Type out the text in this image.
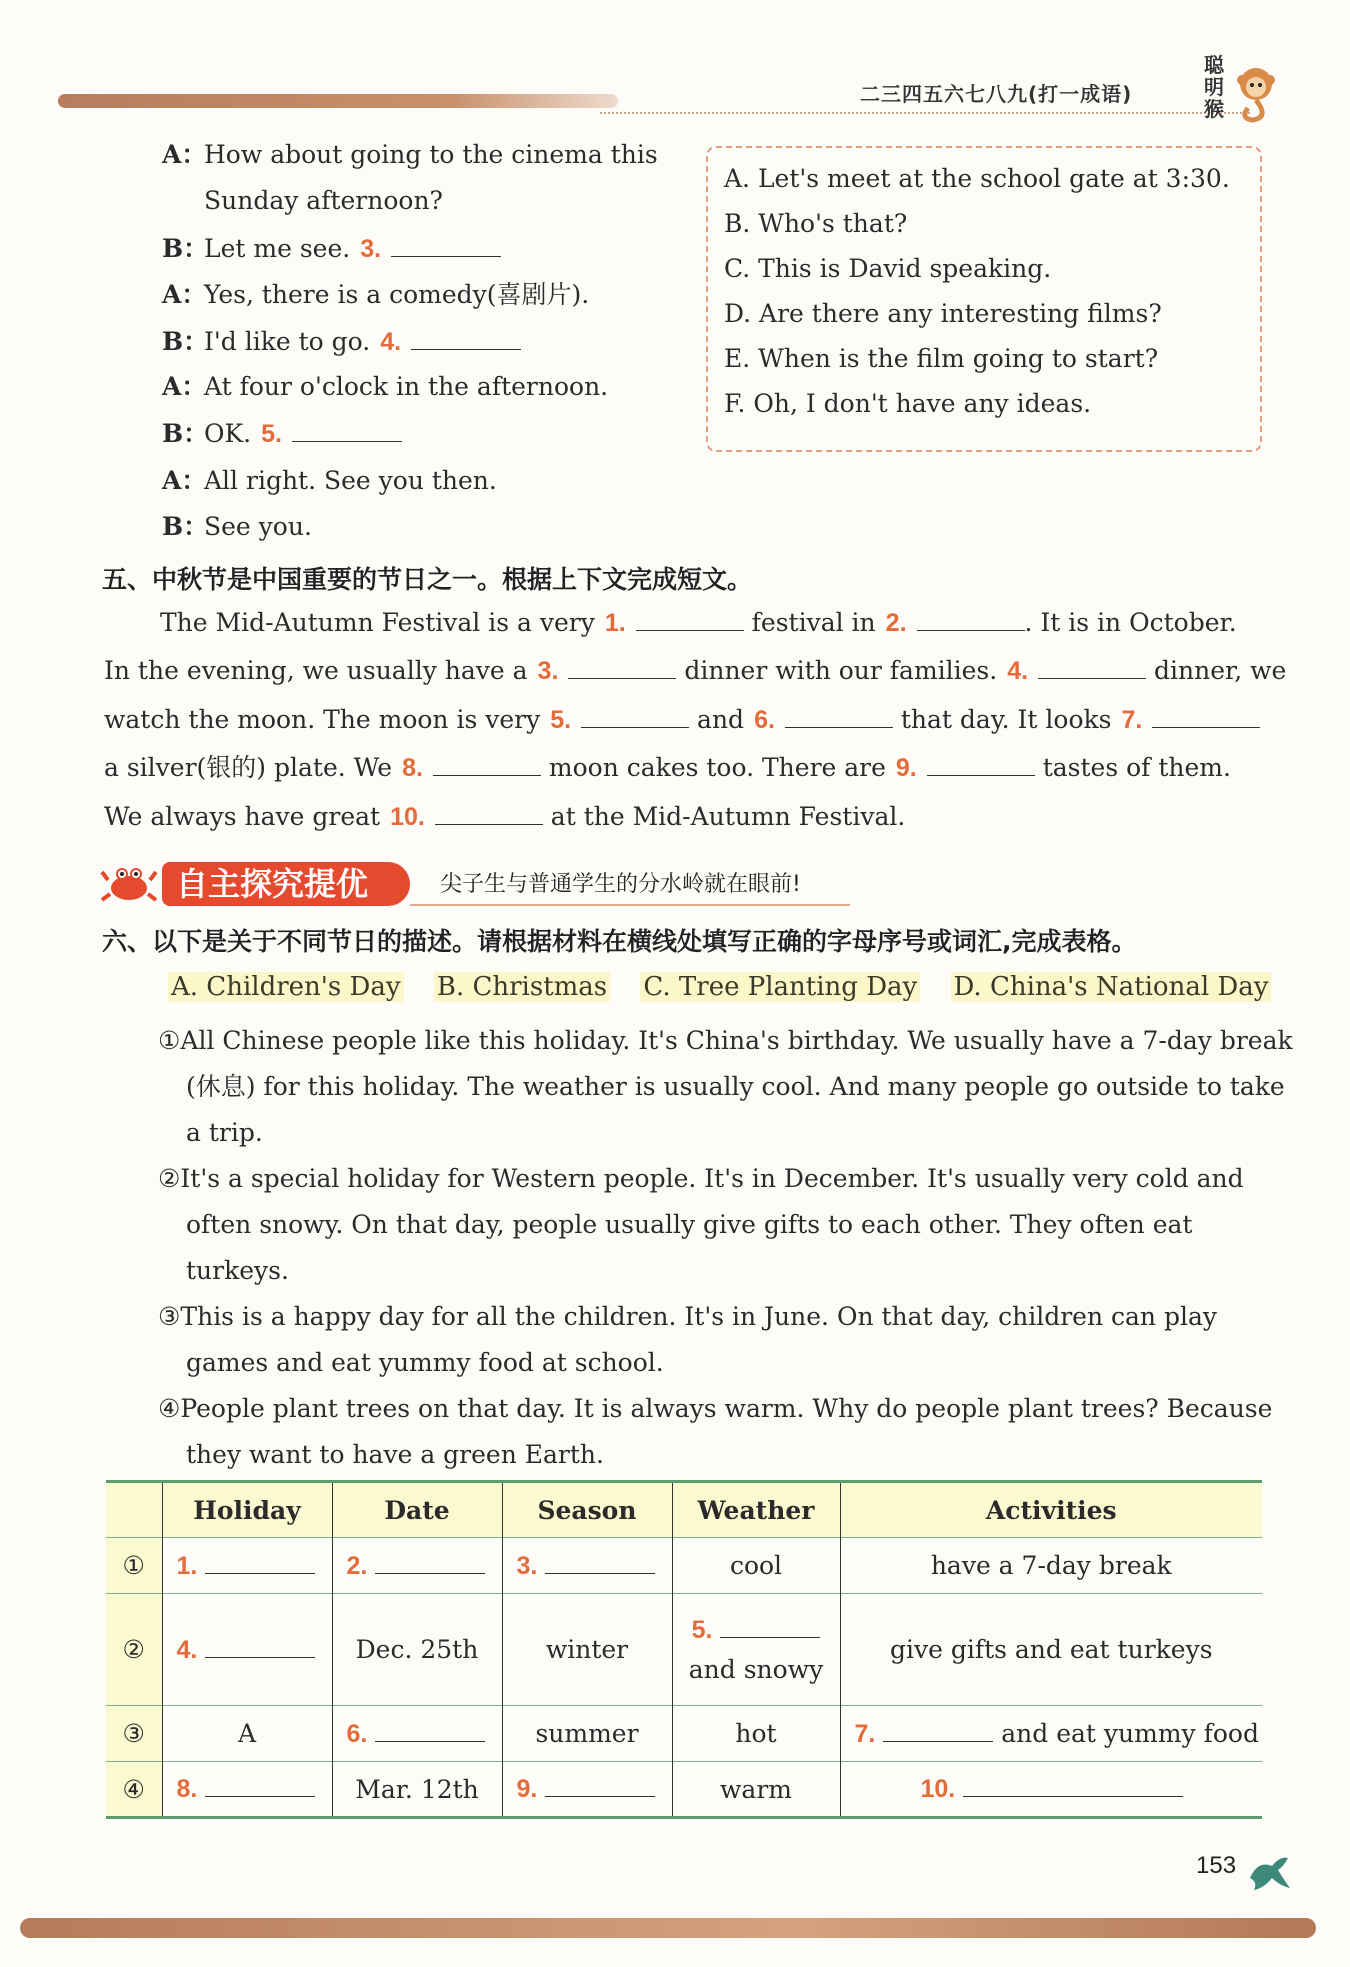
二三四五六七八九(打一成语)
聪明猴
A：How about going to the cinema this
Sunday afternoon?
B：Let me see. 3.
A：Yes, there is a comedy(喜剧片).
B：I'd like to go. 4.
A：At four o'clock in the afternoon.
B：OK. 5.
A：All right. See you then.
B：See you.
A. Let's meet at the school gate at 3:30.
B. Who's that?
C. This is David speaking.
D. Are there any interesting films?
E. When is the film going to start?
F. Oh, I don't have any ideas.
五、中秋节是中国重要的节日之一。根据上下文完成短文。
The Mid-Autumn Festival is a very 1.	festival in 2.	. It is in October.
In the evening, we usually have a 3.	dinner with our families. 4.	dinner, we
watch the moon. The moon is very 5.	and 6.	that day. It looks 7.
a silver(银的) plate. We 8.	moon cakes too. There are 9.	tastes of them.
We always have great 10.	at the Mid-Autumn Festival.
自主探究提优	尖子生与普通学生的分水岭就在眼前!
六、以下是关于不同节日的描述。请根据材料在横线处填写正确的字母序号或词汇,完成表格。
A. Children's Day B. Christmas C. Tree Planting Day D. China's National Day
①All Chinese people like this holiday. It's China's birthday. We usually have a 7-day break
(休息) for this holiday. The weather is usually cool. And many people go outside to take
a trip.
②It's a special holiday for Western people. It's in December. It's usually very cold and
often snowy. On that day, people usually give gifts to each other. They often eat
turkeys.
③This is a happy day for all the children. It's in June. On that day, children can play
games and eat yummy food at school.
④People plant trees on that day. It is always warm. Why do people plant trees? Because
they want to have a green Earth.
	Holiday	Date	Season	Weather	Activities
①	1.	2.	3.	cool	have a 7-day break
②	4.	Dec. 25th	winter	5.
and snowy	give gifts and eat turkeys
③	A	6.	summer	hot	7. and eat yummy food
④	8.	Mar. 12th	9.	warm	10.
153
